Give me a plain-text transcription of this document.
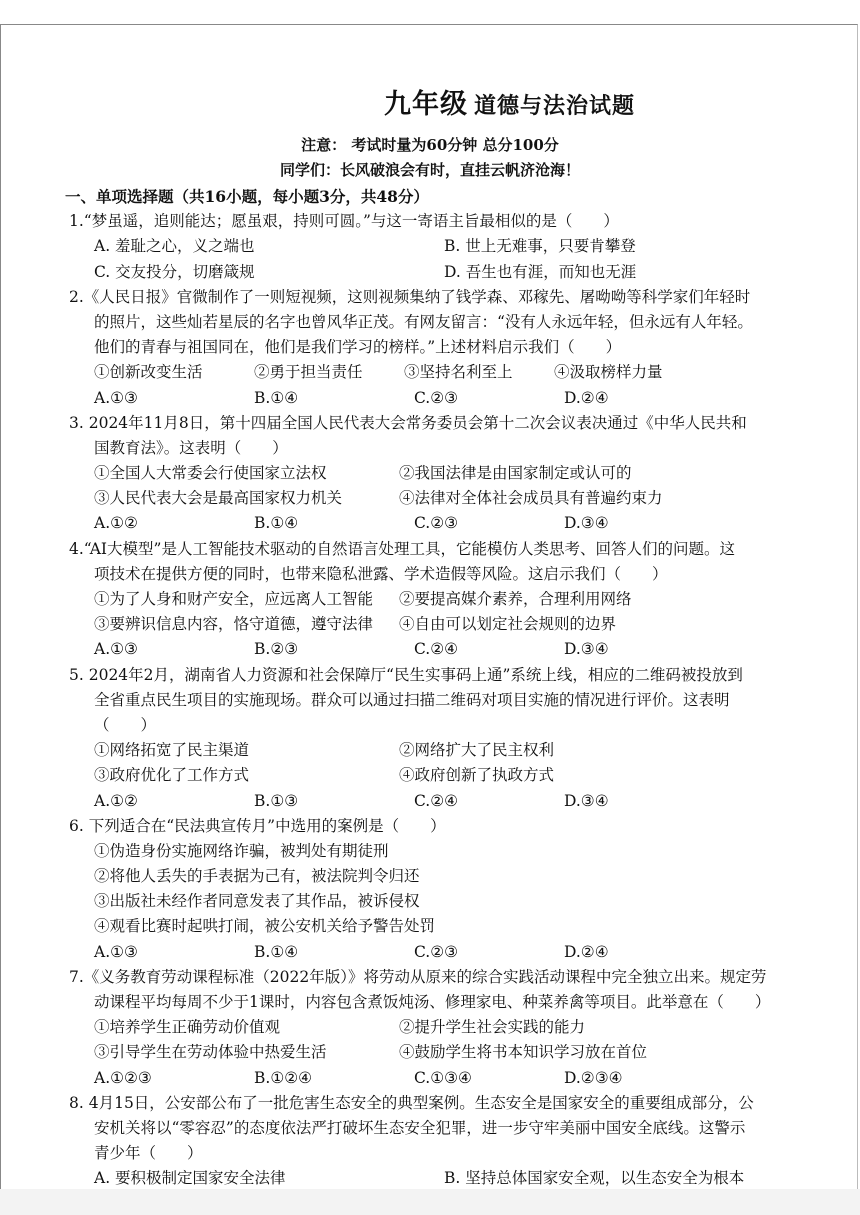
九年级 道德与法治试题
注意： 考试时量为60分钟 总分100分
同学们：长风破浪会有时，直挂云帆济沧海！
一、单项选择题（共16小题，每小题3分，共48分）
1.“梦虽遥，追则能达；愿虽艰，持则可圆。”与这一寄语主旨最相似的是（　　）
A. 羞耻之心，义之端也	B. 世上无难事，只要肯攀登
C. 交友投分，切磨箴规	D. 吾生也有涯，而知也无涯
2.《人民日报》官微制作了一则短视频，这则视频集纳了钱学森、邓稼先、屠呦呦等科学家们年轻时
的照片，这些灿若星辰的名字也曾风华正茂。有网友留言：“没有人永远年轻，但永远有人年轻。
他们的青春与祖国同在，他们是我们学习的榜样。”上述材料启示我们（　　）
①创新改变生活	②勇于担当责任	③坚持名利至上	④汲取榜样力量
A.①③	B.①④	C.②③	D.②④
3. 2024年11月8日，第十四届全国人民代表大会常务委员会第十二次会议表决通过《中华人民共和
国教育法》。这表明（　　）
①全国人大常委会行使国家立法权	②我国法律是由国家制定或认可的
③人民代表大会是最高国家权力机关	④法律对全体社会成员具有普遍约束力
A.①②	B.①④	C.②③	D.③④
4.“AI大模型”是人工智能技术驱动的自然语言处理工具，它能模仿人类思考、回答人们的问题。这
项技术在提供方便的同时，也带来隐私泄露、学术造假等风险。这启示我们（　　）
①为了人身和财产安全，应远离人工智能	②要提高媒介素养，合理利用网络
③要辨识信息内容，恪守道德，遵守法律	④自由可以划定社会规则的边界
A.①③	B.②③	C.②④	D.③④
5. 2024年2月，湖南省人力资源和社会保障厅“民生实事码上通”系统上线，相应的二维码被投放到
全省重点民生项目的实施现场。群众可以通过扫描二维码对项目实施的情况进行评价。这表明
（　　）
①网络拓宽了民主渠道	②网络扩大了民主权利
③政府优化了工作方式	④政府创新了执政方式
A.①②	B.①③	C.②④	D.③④
6. 下列适合在“民法典宣传月”中选用的案例是（　　）
①伪造身份实施网络诈骗，被判处有期徒刑
②将他人丢失的手表据为己有，被法院判令归还
③出版社未经作者同意发表了其作品，被诉侵权
④观看比赛时起哄打闹，被公安机关给予警告处罚
A.①③	B.①④	C.②③	D.②④
7.《义务教育劳动课程标准（2022年版）》将劳动从原来的综合实践活动课程中完全独立出来。规定劳
动课程平均每周不少于1课时，内容包含煮饭炖汤、修理家电、种菜养禽等项目。此举意在（　　）
①培养学生正确劳动价值观	②提升学生社会实践的能力
③引导学生在劳动体验中热爱生活	④鼓励学生将书本知识学习放在首位
A.①②③	B.①②④	C.①③④	D.②③④
8. 4月15日，公安部公布了一批危害生态安全的典型案例。生态安全是国家安全的重要组成部分，公
安机关将以“零容忍”的态度依法严打破坏生态安全犯罪，进一步守牢美丽中国安全底线。这警示
青少年（　　）
A. 要积极制定国家安全法律	B. 坚持总体国家安全观，以生态安全为根本
